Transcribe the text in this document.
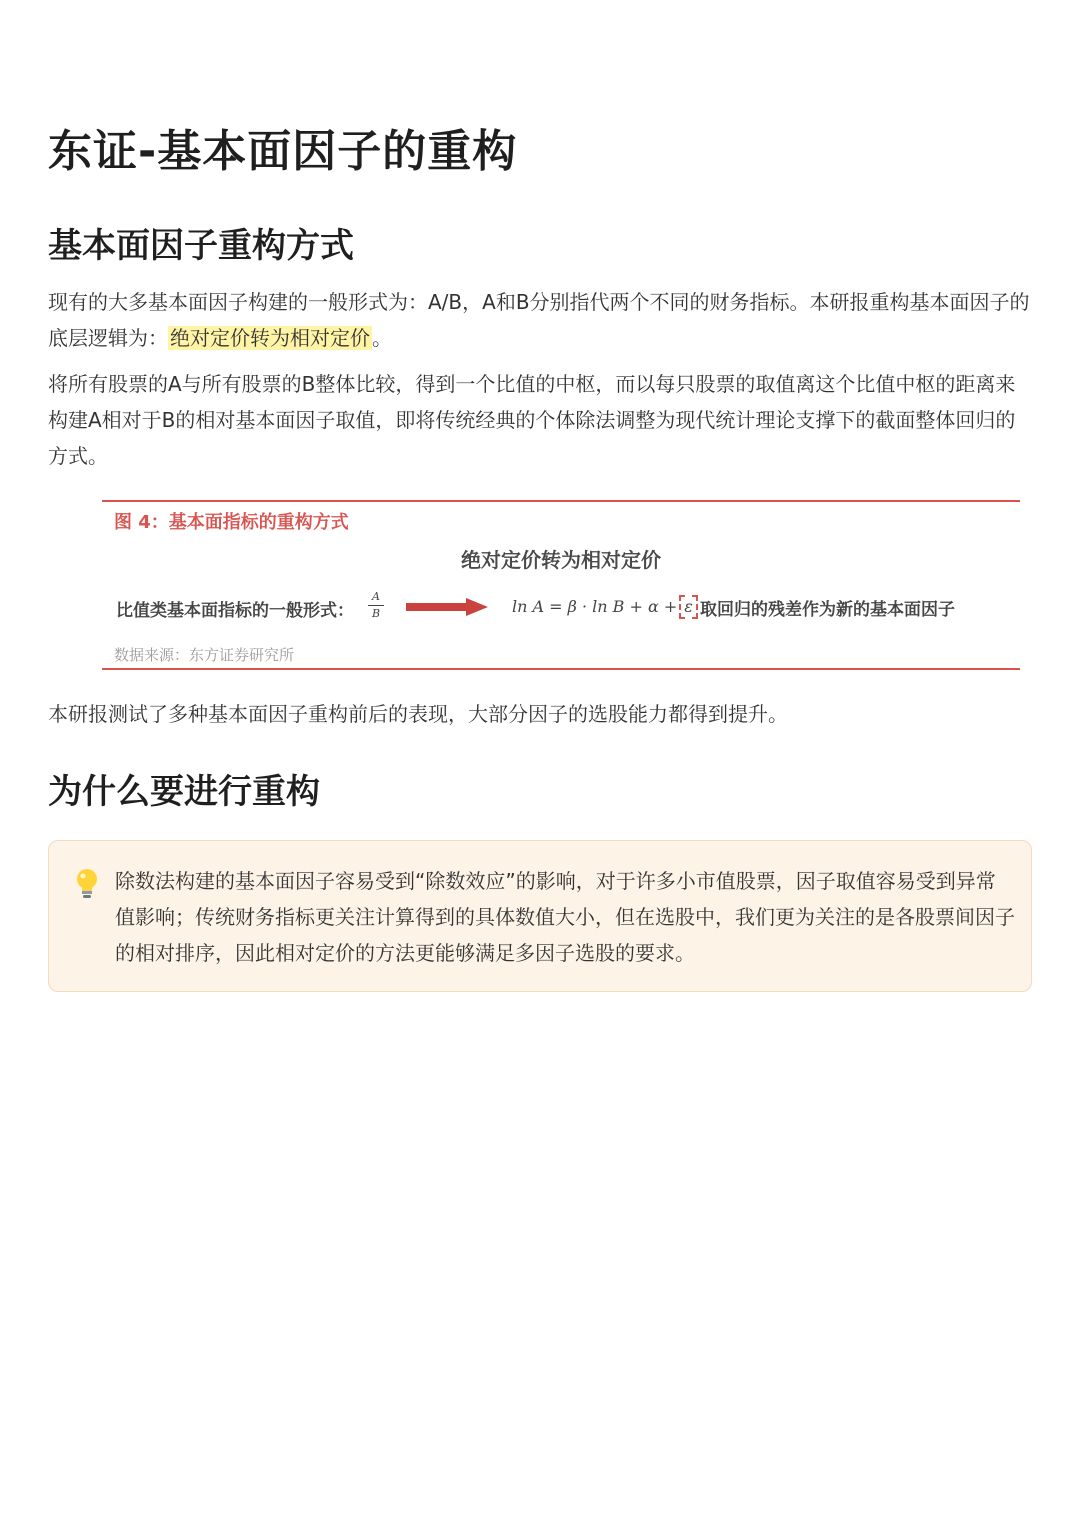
东证-基本面因子的重构
基本面因子重构方式

现有的大多基本面因子构建的一般形式为：A/B，A和B分别指代两个不同的财务指标。本研报重构基本面因子的底层逻辑为： 绝对定价转为相对定价 。

将所有股票的A与所有股票的B整体比较，得到一个比值的中枢，而以每只股票的取值离这个比值中枢的距离来构建A相对于B的相对基本面因子取值，即将传统经典的个体除法调整为现代统计理论支撑下的截面整体回归的方式。

图 4：基本面指标的重构方式
绝对定价转为相对定价
比值类基本面指标的一般形式：
A
B	ln A = β · ln B + α + ε 取回归的残差作为新的基本面因子
数据来源：东方证券研究所

本研报测试了多种基本面因子重构前后的表现，大部分因子的选股能力都得到提升。

为什么要进行重构

除数法构建的基本面因子容易受到“除数效应”的影响，对于许多小市值股票，因子取值容易受到异常值影响；传统财务指标更关注计算得到的具体数值大小，但在选股中，我们更为关注的是各股票间因子的相对排序，因此相对定价的方法更能够满足多因子选股的要求。
